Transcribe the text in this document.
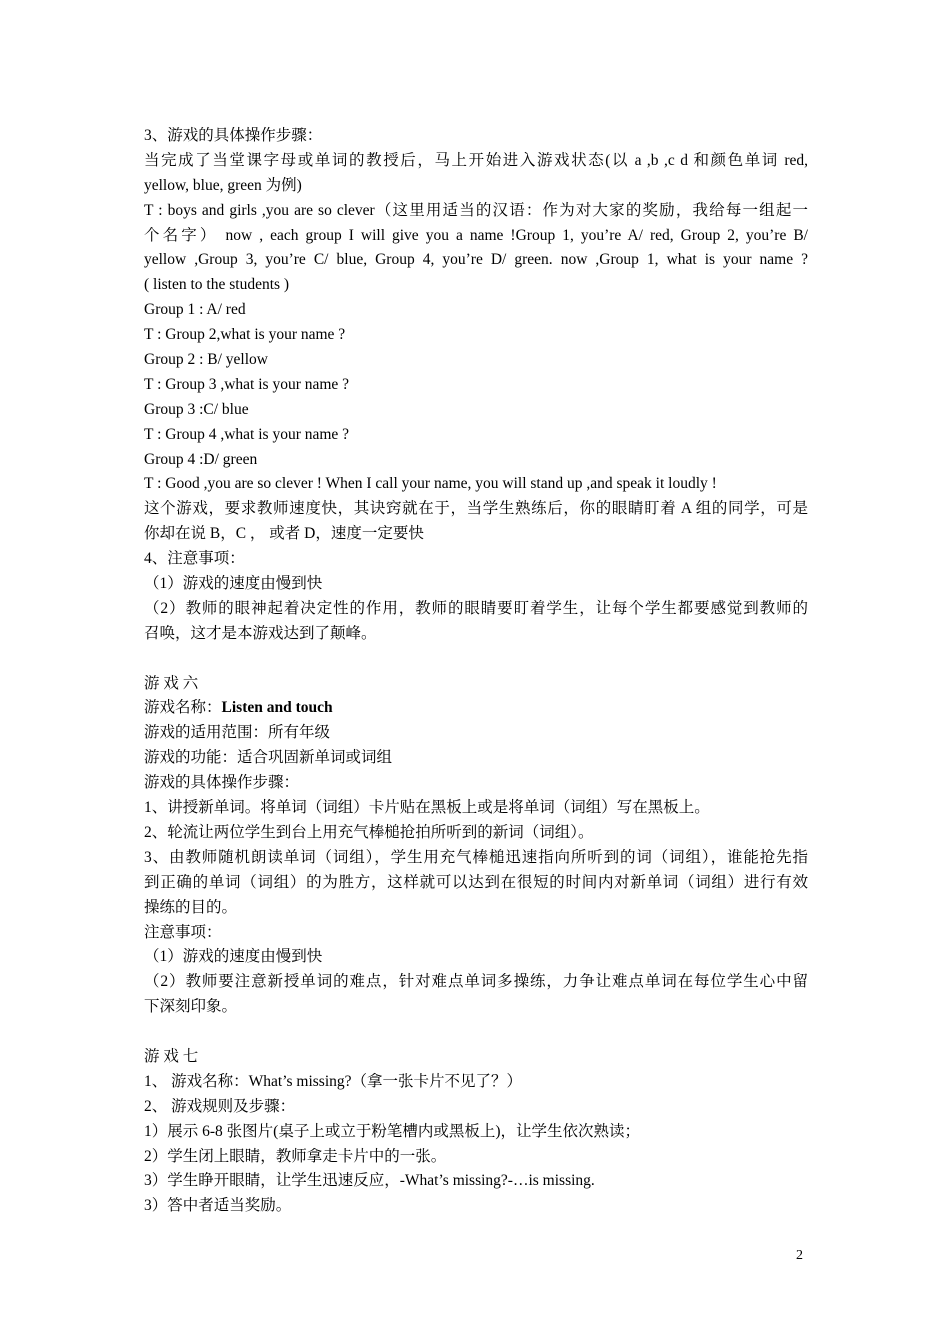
3、游戏的具体操作步骤：
当完成了当堂课字母或单词的教授后，马上开始进入游戏状态(以 a ,b ,c d 和颜色单词 red,
yellow, blue, green 为例)
T : boys and girls ,you are so clever（这里用适当的汉语：作为对大家的奖励，我给每一组起一
个名字） now , each group I will give you a name !Group 1, you’re A/ red, Group 2, you’re B/
yellow ,Group 3, you’re C/ blue, Group 4, you’re D/ green. now ,Group 1, what is your name ?
( listen to the students )
Group 1 : A/ red
T : Group 2,what is your name ?
Group 2 : B/ yellow
T : Group 3 ,what is your name ?
Group 3 :C/ blue
T : Group 4 ,what is your name ?
Group 4 :D/ green
T : Good ,you are so clever ! When I call your name, you will stand up ,and speak it loudly !
这个游戏，要求教师速度快，其诀窍就在于，当学生熟练后，你的眼睛盯着 A 组的同学，可是
你却在说 B，C ， 或者 D，速度一定要快
4、注意事项：
（1）游戏的速度由慢到快
（2）教师的眼神起着决定性的作用，教师的眼睛要盯着学生，让每个学生都要感觉到教师的
召唤，这才是本游戏达到了颠峰。
游 戏 六
游戏名称：Listen and touch
游戏的适用范围：所有年级
游戏的功能：适合巩固新单词或词组
游戏的具体操作步骤：
1、讲授新单词。将单词（词组）卡片贴在黑板上或是将单词（词组）写在黑板上。
2、轮流让两位学生到台上用充气棒槌抢拍所听到的新词（词组）。
3、由教师随机朗读单词（词组），学生用充气棒槌迅速指向所听到的词（词组），谁能抢先指
到正确的单词（词组）的为胜方，这样就可以达到在很短的时间内对新单词（词组）进行有效
操练的目的。
注意事项：
（1）游戏的速度由慢到快
（2）教师要注意新授单词的难点，针对难点单词多操练，力争让难点单词在每位学生心中留
下深刻印象。
游 戏 七
1、 游戏名称：What’s missing?（拿一张卡片不见了？）
2、 游戏规则及步骤：
1）展示 6-8 张图片(桌子上或立于粉笔槽内或黑板上)，让学生依次熟读；
2）学生闭上眼睛，教师拿走卡片中的一张。
3）学生睁开眼睛，让学生迅速反应，-What’s missing?-…is missing.
3）答中者适当奖励。
2
